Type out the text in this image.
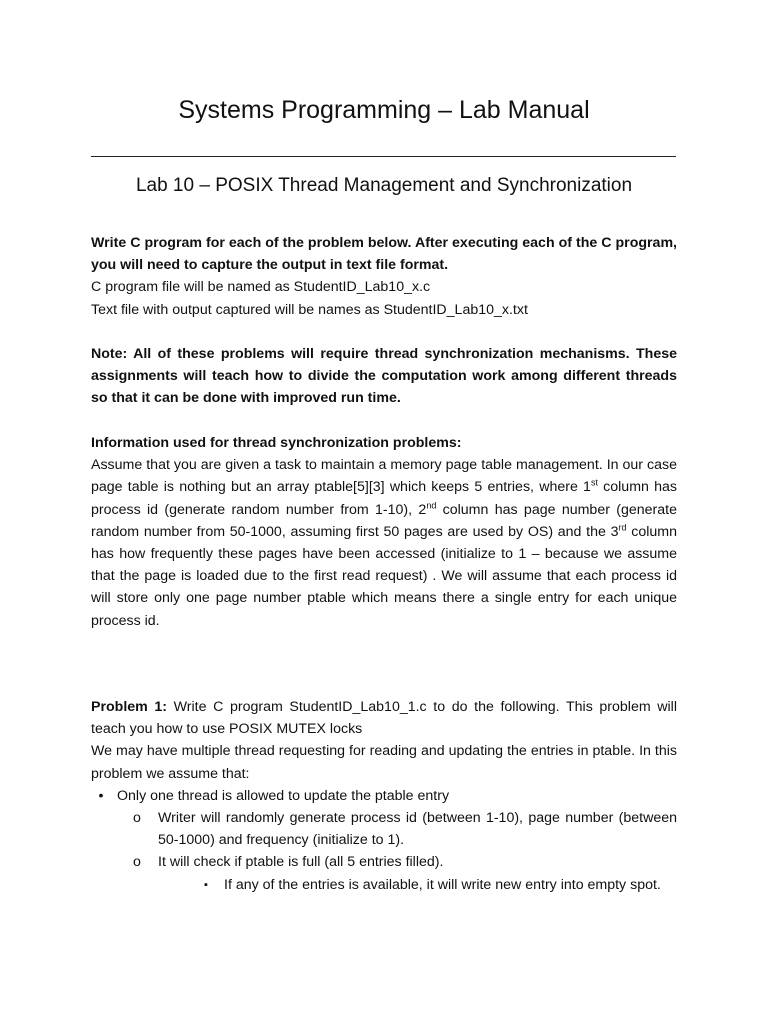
Systems Programming – Lab Manual
Lab 10 – POSIX Thread Management and Synchronization

Write C program for each of the problem below. After executing each of the C program, you will need to capture the output in text file format.

C program file will be named as StudentID_Lab10_x.c

Text file with output captured will be names as StudentID_Lab10_x.txt

Note: All of these problems will require thread synchronization mechanisms. These assignments will teach how to divide the computation work among different threads so that it can be done with improved run time.

Information used for thread synchronization problems:

Assume that you are given a task to maintain a memory page table management. In our case page table is nothing but an array ptable[5][3] which keeps 5 entries, where 1st column has process id (generate random number from 1-10), 2nd column has page number (generate random number from 50-1000, assuming first 50 pages are used by OS) and the 3rd column has how frequently these pages have been accessed (initialize to 1 – because we assume that the page is loaded due to the first read request) . We will assume that each process id will store only one page number ptable which means there a single entry for each unique process id.

Problem 1: Write C program StudentID_Lab10_1.c to do the following. This problem will teach you how to use POSIX MUTEX locks

We may have multiple thread requesting for reading and updating the entries in ptable. In this problem we assume that:

• Only one thread is allowed to update the ptable entry
o Writer will randomly generate process id (between 1-10), page number (between 50-1000) and frequency (initialize to 1).
o It will check if ptable is full (all 5 entries filled).
▪ If any of the entries is available, it will write new entry into empty spot.
